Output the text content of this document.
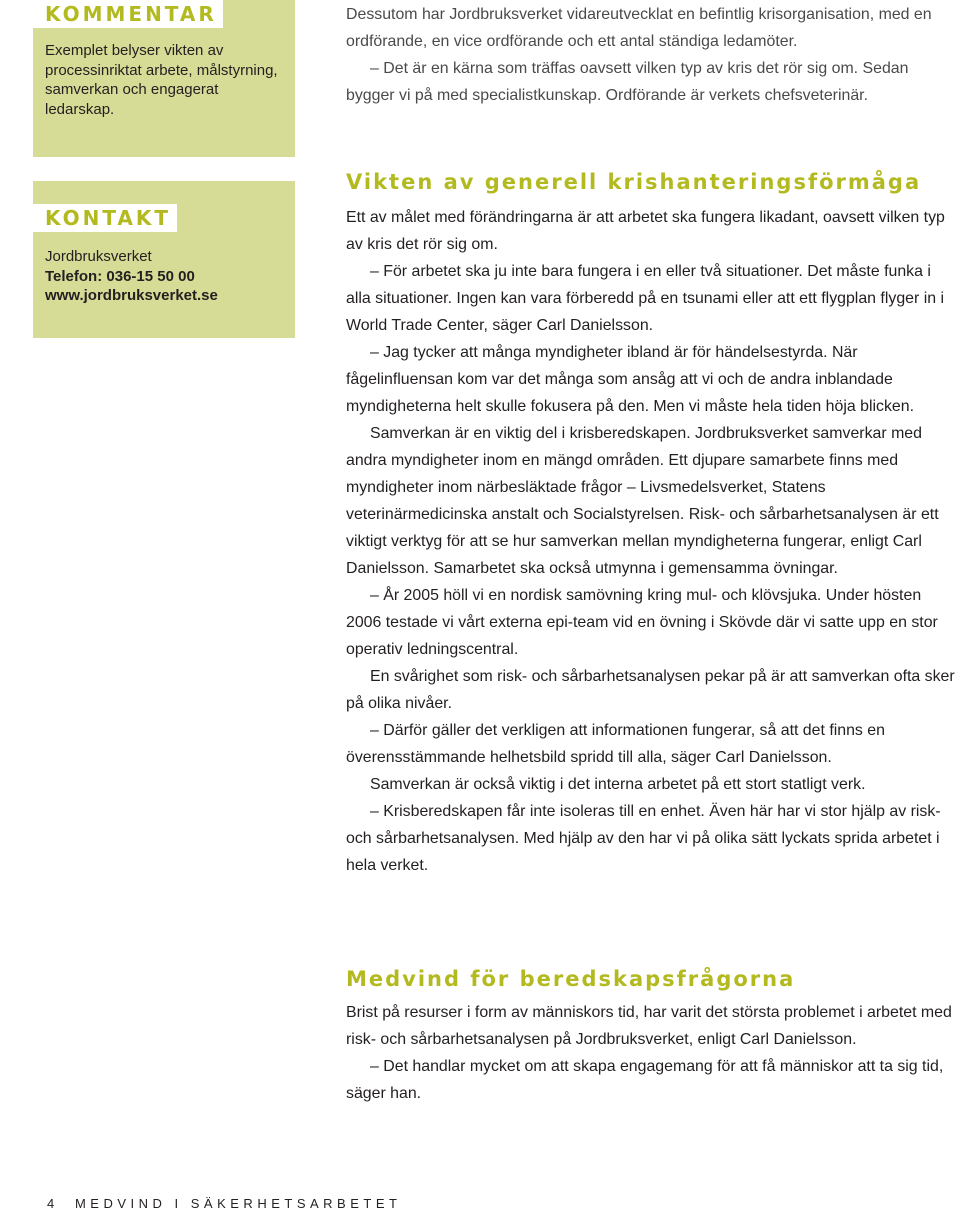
KOMMENTAR
Exemplet belyser vikten av processinriktat arbete, målstyrning, samverkan och engagerat ledarskap.
KONTAKT
Jordbruksverket
Telefon: 036-15 50 00
www.jordbruksverket.se

Dessutom har Jordbruksverket vidareutvecklat en befintlig krisorganisation, med en ordförande, en vice ordförande och ett antal ständiga ledamöter.

– Det är en kärna som träffas oavsett vilken typ av kris det rör sig om. Sedan bygger vi på med specialistkunskap. Ordförande är verkets chefsveterinär.

Vikten av generell krishanteringsförmåga

Ett av målet med förändringarna är att arbetet ska fungera likadant, oavsett vilken typ av kris det rör sig om.

– För arbetet ska ju inte bara fungera i en eller två situationer. Det måste funka i alla situationer. Ingen kan vara förberedd på en tsunami eller att ett flygplan flyger in i World Trade Center, säger Carl Danielsson.

– Jag tycker att många myndigheter ibland är för händelsestyrda. När fågelinfluensan kom var det många som ansåg att vi och de andra inblandade myndigheterna helt skulle fokusera på den. Men vi måste hela tiden höja blicken.

Samverkan är en viktig del i krisberedskapen. Jordbruksverket samverkar med andra myndigheter inom en mängd områden. Ett djupare samarbete finns med myndigheter inom närbesläktade frågor – Livsmedelsverket, Statens veterinärmedicinska anstalt och Socialstyrelsen. Risk- och sårbarhetsanalysen är ett viktigt verktyg för att se hur samverkan mellan myndigheterna fungerar, enligt Carl Danielsson. Samarbetet ska också utmynna i gemensamma övningar.

– År 2005 höll vi en nordisk samövning kring mul- och klövsjuka. Under hösten 2006 testade vi vårt externa epi-team vid en övning i Skövde där vi satte upp en stor operativ ledningscentral.

En svårighet som risk- och sårbarhetsanalysen pekar på är att samverkan ofta sker på olika nivåer.

– Därför gäller det verkligen att informationen fungerar, så att det finns en överensstämmande helhetsbild spridd till alla, säger Carl Danielsson.

Samverkan är också viktig i det interna arbetet på ett stort statligt verk.

– Krisberedskapen får inte isoleras till en enhet. Även här har vi stor hjälp av risk- och sårbarhetsanalysen. Med hjälp av den har vi på olika sätt lyckats sprida arbetet i hela verket.

Medvind för beredskapsfrågorna

Brist på resurser i form av människors tid, har varit det största problemet i arbetet med risk- och sårbarhetsanalysen på Jordbruksverket, enligt Carl Danielsson.

– Det handlar mycket om att skapa engagemang för att få människor att ta sig tid, säger han.

4 MEDVIND I SÄKERHETSARBETET
